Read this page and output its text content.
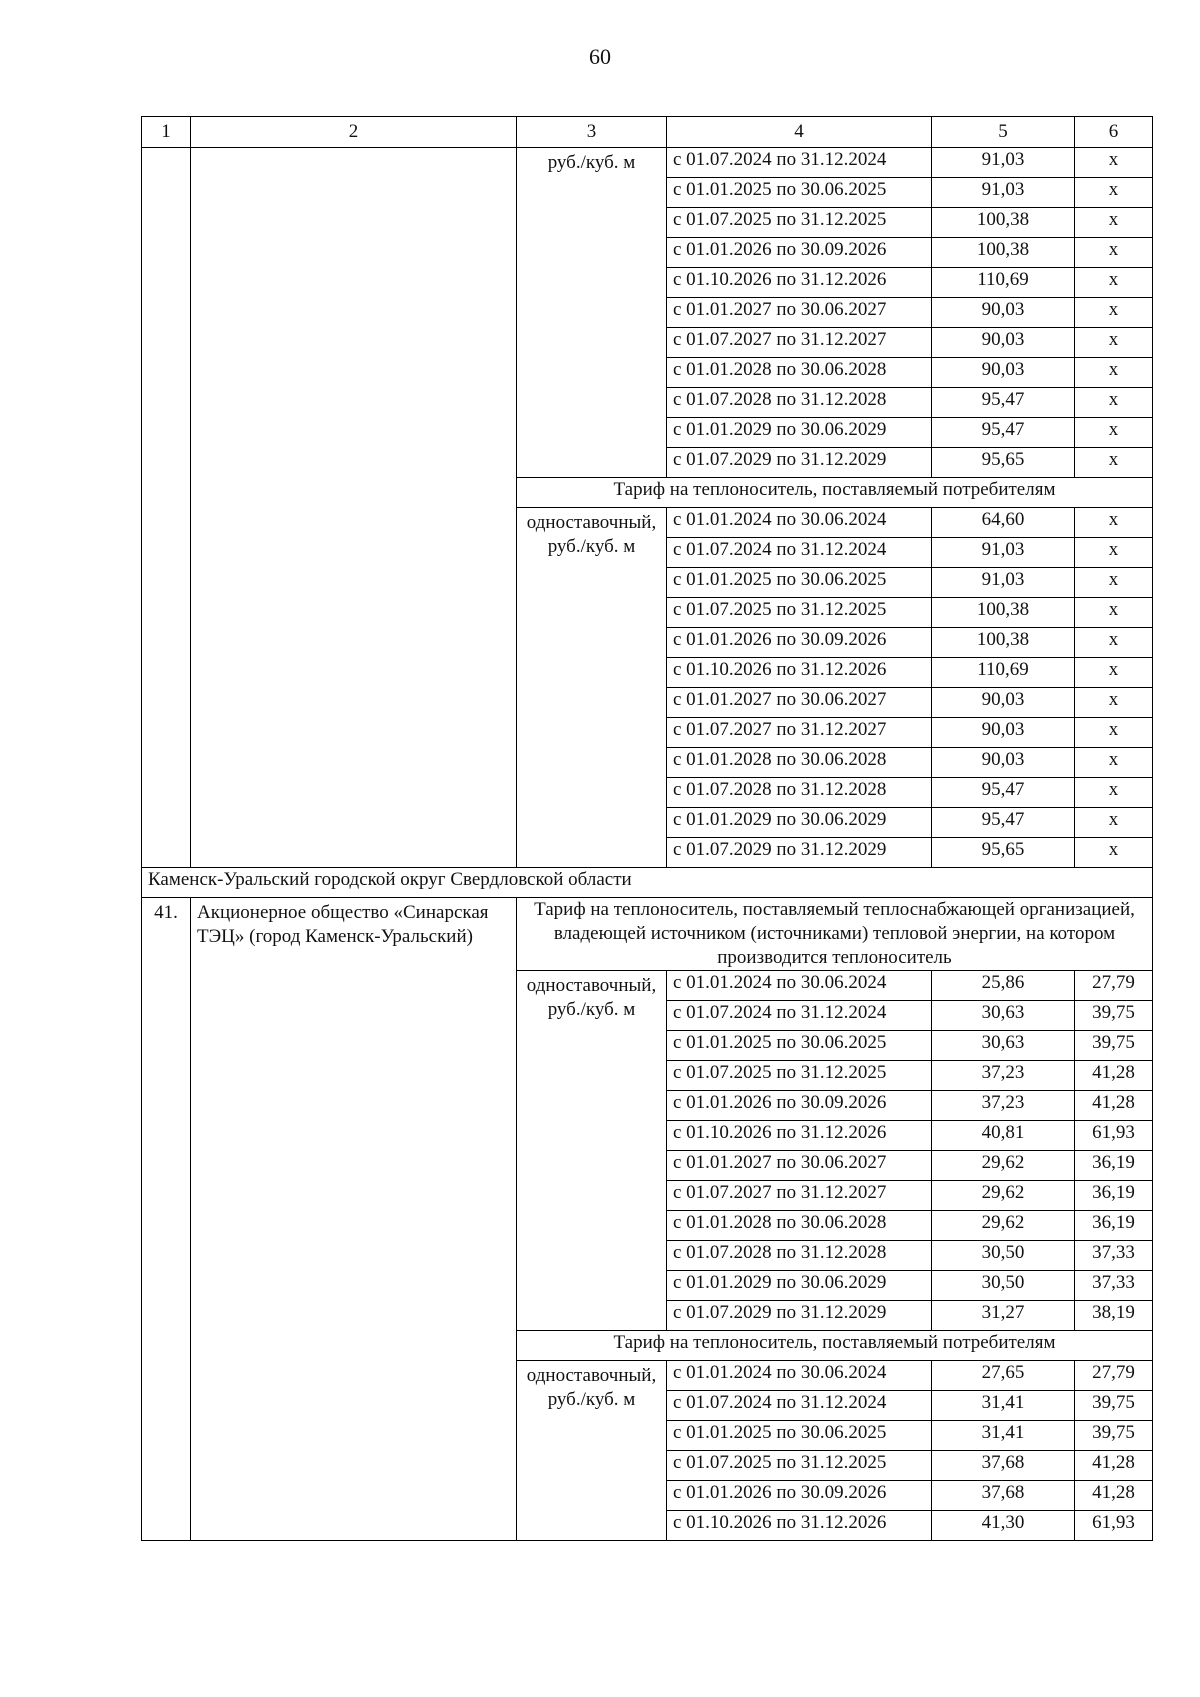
60
1	2	3	4	5	6
		руб./куб. м	с 01.07.2024 по 31.12.2024	91,03	x
			с 01.01.2025 по 30.06.2025	91,03	x
			с 01.07.2025 по 31.12.2025	100,38	x
			с 01.01.2026 по 30.09.2026	100,38	x
			с 01.10.2026 по 31.12.2026	110,69	x
			с 01.01.2027 по 30.06.2027	90,03	x
			с 01.07.2027 по 31.12.2027	90,03	x
			с 01.01.2028 по 30.06.2028	90,03	x
			с 01.07.2028 по 31.12.2028	95,47	x
			с 01.01.2029 по 30.06.2029	95,47	x
			с 01.07.2029 по 31.12.2029	95,65	x
		Тариф на теплоноситель, поставляемый потребителям			
		одноставочный, руб./куб. м	с 01.01.2024 по 30.06.2024	64,60	x
			с 01.07.2024 по 31.12.2024	91,03	x
			с 01.01.2025 по 30.06.2025	91,03	x
			с 01.07.2025 по 31.12.2025	100,38	x
			с 01.01.2026 по 30.09.2026	100,38	x
			с 01.10.2026 по 31.12.2026	110,69	x
			с 01.01.2027 по 30.06.2027	90,03	x
			с 01.07.2027 по 31.12.2027	90,03	x
			с 01.01.2028 по 30.06.2028	90,03	x
			с 01.07.2028 по 31.12.2028	95,47	x
			с 01.01.2029 по 30.06.2029	95,47	x
			с 01.07.2029 по 31.12.2029	95,65	x
Каменск-Уральский городской округ Свердловской области					
41.	Акционерное общество «Синарская ТЭЦ» (город Каменск-Уральский)	Тариф на теплоноситель, поставляемый теплоснабжающей организацией, владеющей источником (источниками) тепловой энергии, на котором производится теплоноситель			
		одноставочный, руб./куб. м	с 01.01.2024 по 30.06.2024	25,86	27,79
			с 01.07.2024 по 31.12.2024	30,63	39,75
			с 01.01.2025 по 30.06.2025	30,63	39,75
			с 01.07.2025 по 31.12.2025	37,23	41,28
			с 01.01.2026 по 30.09.2026	37,23	41,28
			с 01.10.2026 по 31.12.2026	40,81	61,93
			с 01.01.2027 по 30.06.2027	29,62	36,19
			с 01.07.2027 по 31.12.2027	29,62	36,19
			с 01.01.2028 по 30.06.2028	29,62	36,19
			с 01.07.2028 по 31.12.2028	30,50	37,33
			с 01.01.2029 по 30.06.2029	30,50	37,33
			с 01.07.2029 по 31.12.2029	31,27	38,19
		Тариф на теплоноситель, поставляемый потребителям			
		одноставочный, руб./куб. м	с 01.01.2024 по 30.06.2024	27,65	27,79
			с 01.07.2024 по 31.12.2024	31,41	39,75
			с 01.01.2025 по 30.06.2025	31,41	39,75
			с 01.07.2025 по 31.12.2025	37,68	41,28
			с 01.01.2026 по 30.09.2026	37,68	41,28
			с 01.10.2026 по 31.12.2026	41,30	61,93
